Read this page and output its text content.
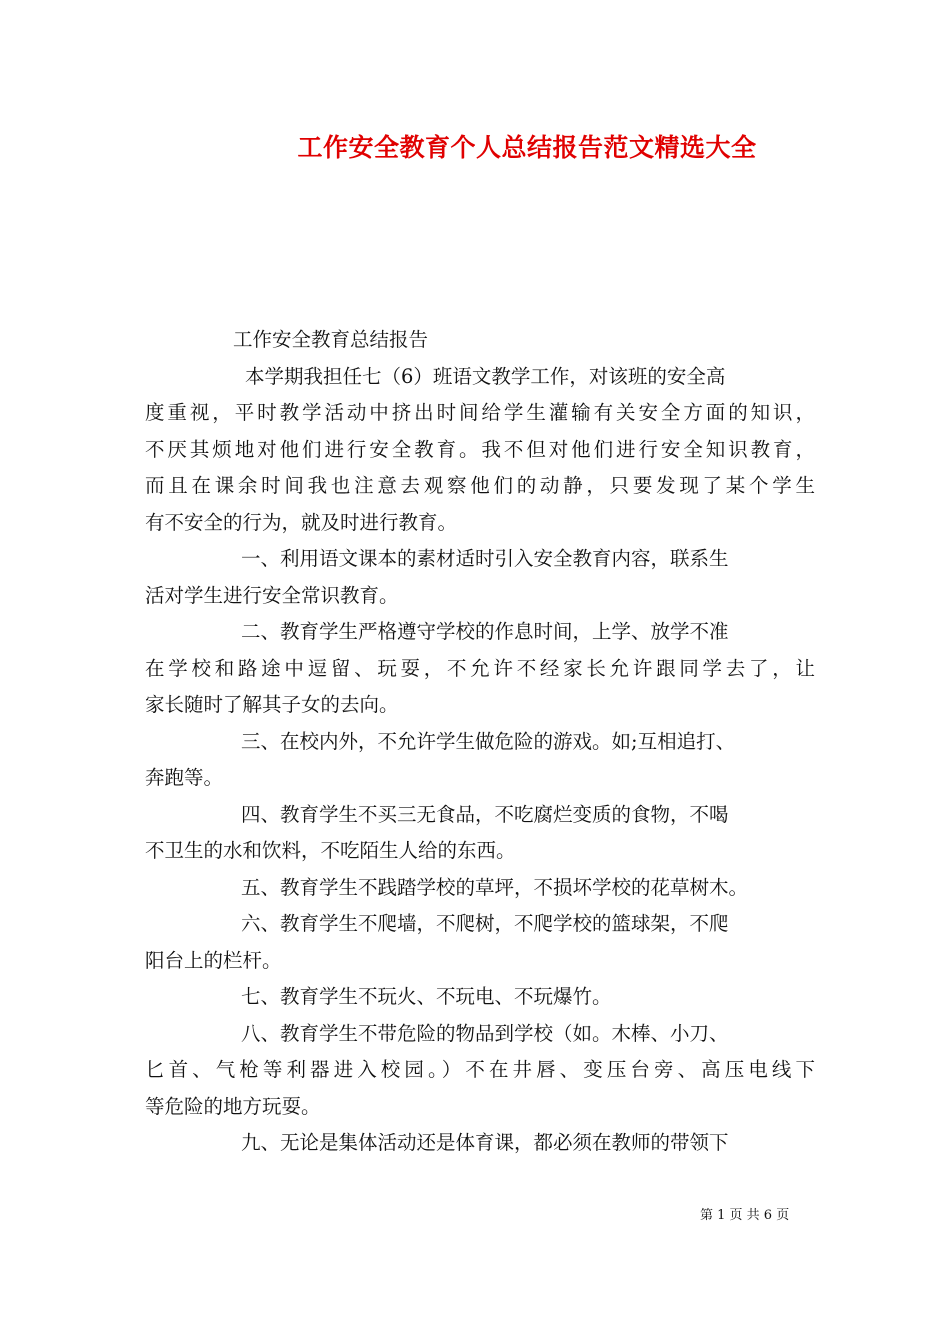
工作安全教育个人总结报告范文精选大全
工作安全教育总结报告
本学期我担任七（6）班语文教学工作，对该班的安全高
度重视，平时教学活动中挤出时间给学生灌输有关安全方面的知识，
不厌其烦地对他们进行安全教育。我不但对他们进行安全知识教育，
而且在课余时间我也注意去观察他们的动静，只要发现了某个学生
有不安全的行为，就及时进行教育。
一、利用语文课本的素材适时引入安全教育内容，联系生
活对学生进行安全常识教育。
二、教育学生严格遵守学校的作息时间，上学、放学不准
在学校和路途中逗留、玩耍，不允许不经家长允许跟同学去了，让
家长随时了解其子女的去向。
三、在校内外，不允许学生做危险的游戏。如;互相追打、
奔跑等。
四、教育学生不买三无食品，不吃腐烂变质的食物，不喝
不卫生的水和饮料，不吃陌生人给的东西。
五、教育学生不践踏学校的草坪，不损坏学校的花草树木。
六、教育学生不爬墙，不爬树，不爬学校的篮球架，不爬
阳台上的栏杆。
七、教育学生不玩火、不玩电、不玩爆竹。
八、教育学生不带危险的物品到学校（如。木棒、小刀、
匕首、气枪等利器进入校园。）不在井唇、变压台旁、高压电线下
等危险的地方玩耍。
九、无论是集体活动还是体育课，都必须在教师的带领下
第 1 页 共 6 页
